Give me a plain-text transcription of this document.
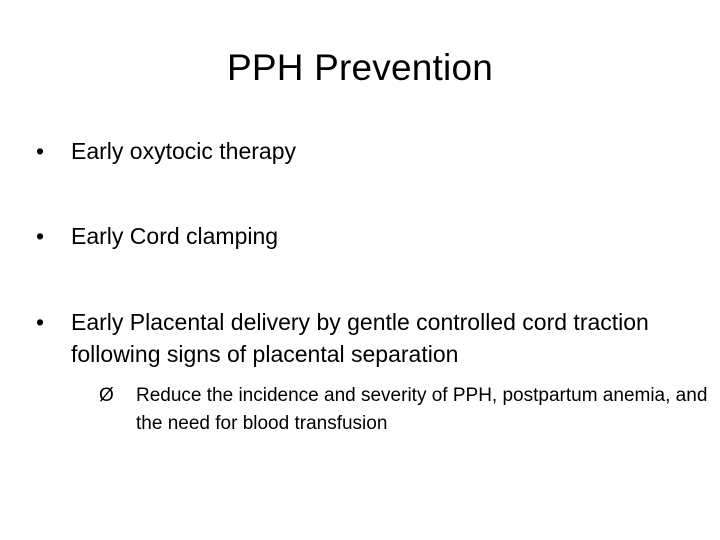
PPH Prevention
•	Early oxytocic therapy
•	Early Cord clamping
•	Early Placental delivery by gentle controlled cord traction following signs of placental separation
Ø Reduce the incidence and severity of PPH, postpartum anemia, and the need for blood transfusion
